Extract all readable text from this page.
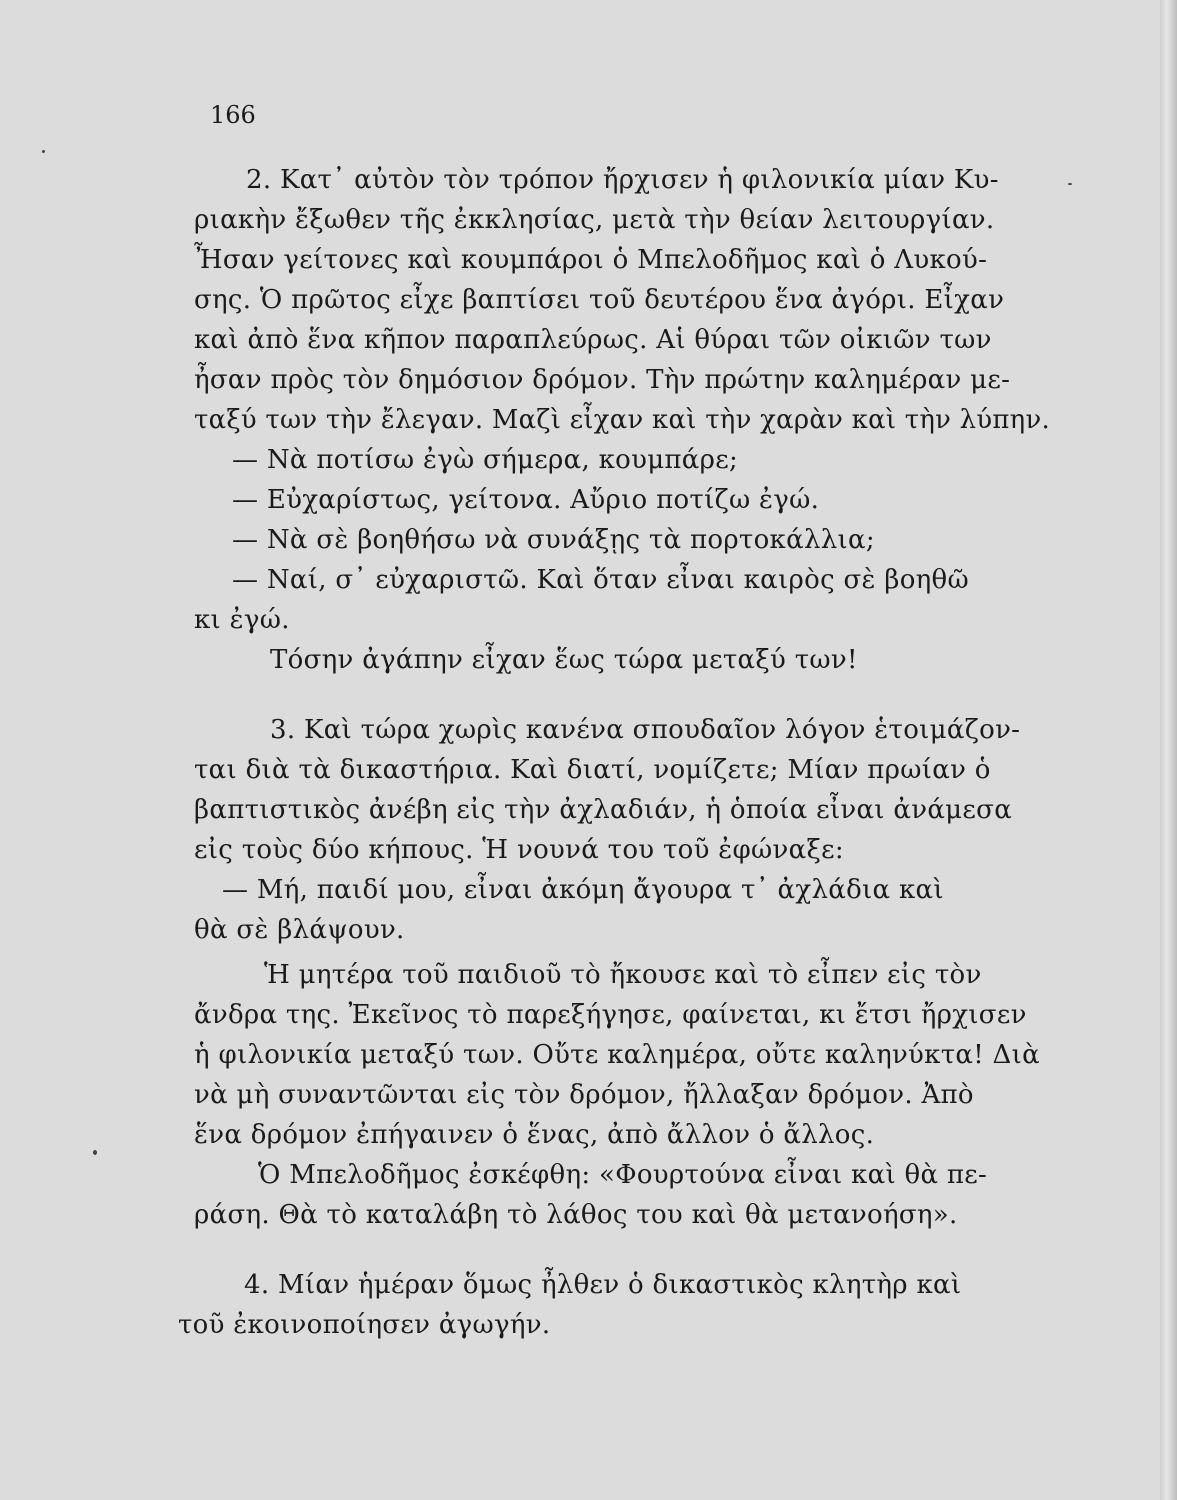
166
2. Κατ᾽ αὐτὸν τὸν τρόπον ἤρχισεν ἡ φιλονικία μίαν Κυ-
ριακὴν ἔξωθεν τῆς ἐκκλησίας, μετὰ τὴν θείαν λειτουργίαν.
Ἦσαν γείτονες καὶ κουμπάροι ὁ Μπελοδῆμος καὶ ὁ Λυκού-
σης. Ὁ πρῶτος εἶχε βαπτίσει τοῦ δευτέρου ἕνα ἀγόρι. Εἶχαν
καὶ ἀπὸ ἕνα κῆπον παραπλεύρως. Αἱ θύραι τῶν οἰκιῶν των
ἦσαν πρὸς τὸν δημόσιον δρόμον. Τὴν πρώτην καλημέραν με-
ταξύ των τὴν ἔλεγαν. Μαζὶ εἶχαν καὶ τὴν χαρὰν καὶ τὴν λύπην.
— Νὰ ποτίσω ἐγὼ σήμερα, κουμπάρε;
— Εὐχαρίστως, γείτονα. Αὔριο ποτίζω ἐγώ.
— Νὰ σὲ βοηθήσω νὰ συνάξῃς τὰ πορτοκάλλια;
— Ναί, σ᾽ εὐχαριστῶ. Καὶ ὅταν εἶναι καιρὸς σὲ βοηθῶ
κι ἐγώ.
Τόσην ἀγάπην εἶχαν ἕως τώρα μεταξύ των!
3. Καὶ τώρα χωρὶς κανένα σπουδαῖον λόγον ἑτοιμάζον-
ται διὰ τὰ δικαστήρια. Καὶ διατί, νομίζετε; Μίαν πρωίαν ὁ
βαπτιστικὸς ἀνέβη εἰς τὴν ἀχλαδιάν, ἡ ὁποία εἶναι ἀνάμεσα
εἰς τοὺς δύο κήπους. Ἡ νουνά του τοῦ ἐφώναξε:
— Μή, παιδί μου, εἶναι ἀκόμη ἄγουρα τ᾽ ἀχλάδια καὶ
θὰ σὲ βλάψουν.
Ἡ μητέρα τοῦ παιδιοῦ τὸ ἤκουσε καὶ τὸ εἶπεν εἰς τὸν
ἄνδρα της. Ἐκεῖνος τὸ παρεξήγησε, φαίνεται, κι ἔτσι ἤρχισεν
ἡ φιλονικία μεταξύ των. Οὔτε καλημέρα, οὔτε καληνύκτα! Διὰ
νὰ μὴ συναντῶνται εἰς τὸν δρόμον, ἤλλαξαν δρόμον. Ἀπὸ
ἕνα δρόμον ἐπήγαινεν ὁ ἕνας, ἀπὸ ἄλλον ὁ ἄλλος.
Ὁ Μπελοδῆμος ἐσκέφθη: «Φουρτούνα εἶναι καὶ θὰ πε-
ράση. Θὰ τὸ καταλάβη τὸ λάθος του καὶ θὰ μετανοήση».
4. Μίαν ἡμέραν ὅμως ἦλθεν ὁ δικαστικὸς κλητὴρ καὶ
τοῦ ἐκοινοποίησεν ἀγωγήν.
